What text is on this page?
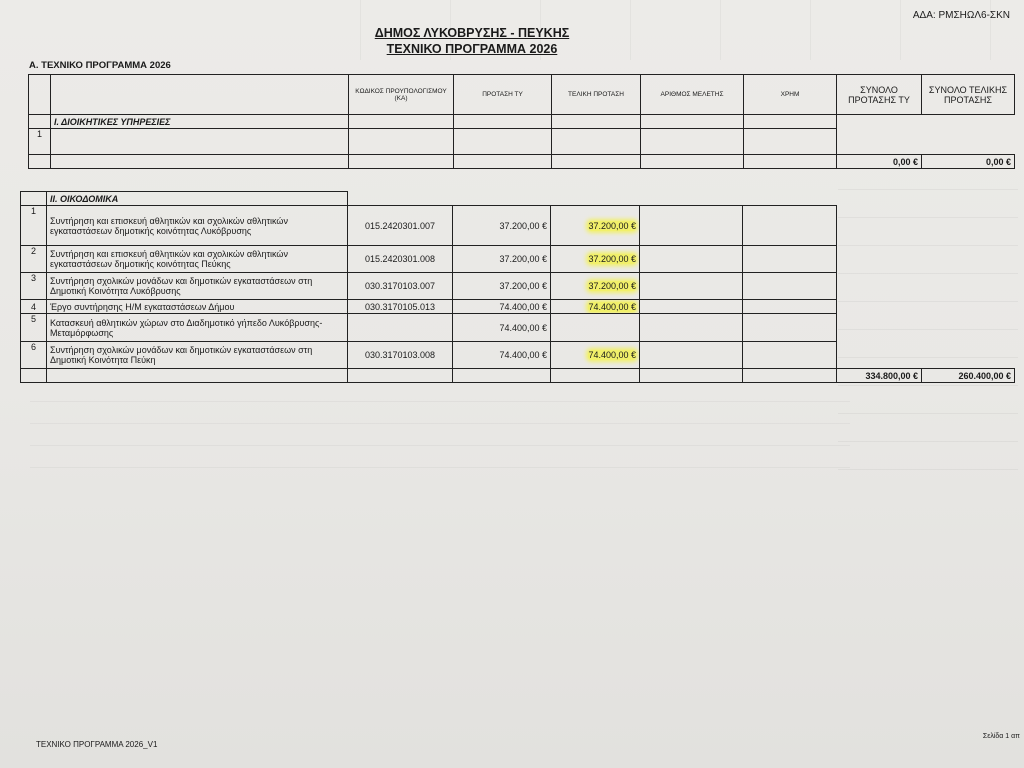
ΑΔΑ: ΡΜΣΗΩΛ6-ΣΚΝ
ΔΗΜΟΣ ΛΥΚΟΒΡΥΣΗΣ - ΠΕΥΚΗΣ
ΤΕΧΝΙΚΟ ΠΡΟΓΡΑΜΜΑ 2026
Α. ΤΕΧΝΙΚΟ ΠΡΟΓΡΑΜΜΑ 2026
		ΚΩΔΙΚΟΣ ΠΡΟΥΠΟΛΟΓΙΣΜΟΥ (ΚΑ)	ΠΡΟΤΑΣΗ ΤΥ	ΤΕΛΙΚΗ ΠΡΟΤΑΣΗ	ΑΡΙΘΜΟΣ ΜΕΛΕΤΗΣ	ΧΡΗΜ	ΣΥΝΟΛΟ ΠΡΟΤΑΣΗΣ ΤΥ	ΣΥΝΟΛΟ ΤΕΛΙΚΗΣ ΠΡΟΤΑΣΗΣ
	Ι. ΔΙΟΙΚΗΤΙΚΕΣ ΥΠΗΡΕΣΙΕΣ							
1								
							0,00 €	0,00 €
	ΙΙ. ΟΙΚΟΔΟΜΙΚΑ							
1	Συντήρηση και επισκευή αθλητικών και σχολικών αθλητικών εγκαταστάσεων δημοτικής κοινότητας Λυκόβρυσης	015.2420301.007	37.200,00 €	37.200,00 €				
2	Συντήρηση και επισκευή αθλητικών και σχολικών αθλητικών εγκαταστάσεων δημοτικής κοινότητας Πεύκης	015.2420301.008	37.200,00 €	37.200,00 €				
3	Συντήρηση σχολικών μονάδων και δημοτικών εγκαταστάσεων στη Δημοτική Κοινότητα Λυκόβρυσης	030.3170103.007	37.200,00 €	37.200,00 €				
4	Έργο συντήρησης Η/Μ εγκαταστάσεων Δήμου	030.3170105.013	74.400,00 €	74.400,00 €				
5	Κατασκευή αθλητικών χώρων στο Διαδημοτικό γήπεδο Λυκόβρυσης-Μεταμόρφωσης		74.400,00 €					
6	Συντήρηση σχολικών μονάδων και δημοτικών εγκαταστάσεων στη Δημοτική Κοινότητα Πεύκη	030.3170103.008	74.400,00 €	74.400,00 €				
							334.800,00 €	260.400,00 €
ΤΕΧΝΙΚΟ ΠΡΟΓΡΑΜΜΑ 2026_V1
Σελίδα 1 απ
